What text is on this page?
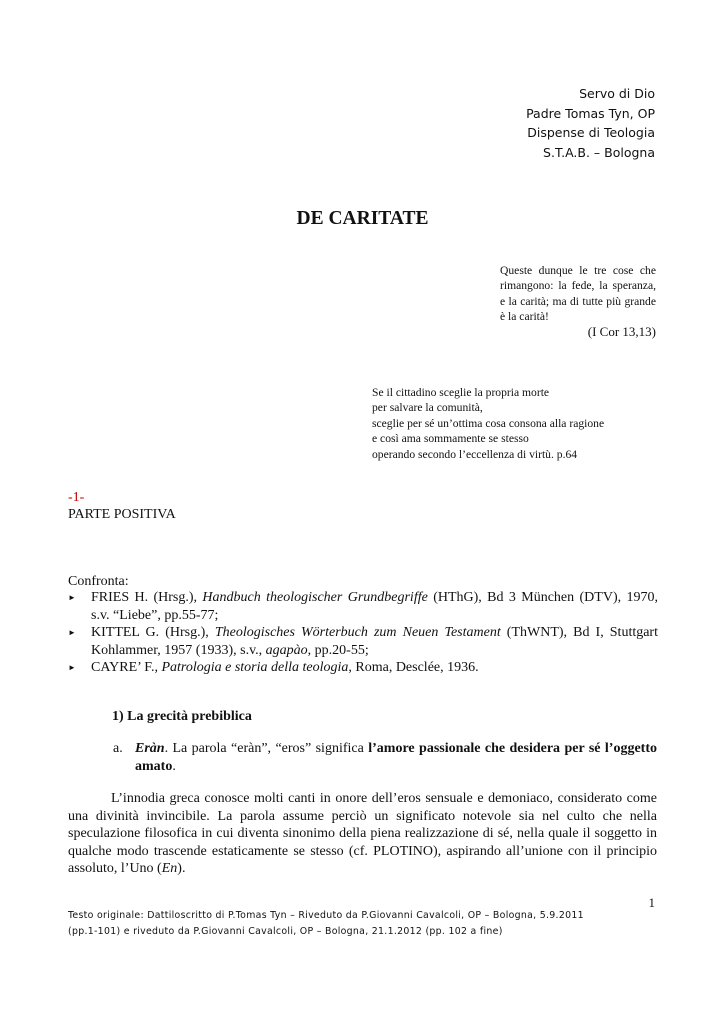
Servo di Dio
Padre Tomas Tyn, OP
Dispense di Teologia
S.T.A.B. – Bologna
DE CARITATE
Queste dunque le tre cose che rimangono: la fede, la speranza, e la carità; ma di tutte più grande è la carità!
(I Cor 13,13)
Se il cittadino sceglie la propria morte
per salvare la comunità,
sceglie per sé un’ottima cosa consona alla ragione
e così ama sommamente se stesso
operando secondo l’eccellenza di virtù. p.64
-1-
PARTE POSITIVA
Confronta:
► FRIES H. (Hrsg.), Handbuch theologischer Grundbegriffe (HThG), Bd 3 München (DTV), 1970, s.v. “Liebe”, pp.55-77;
► KITTEL G. (Hrsg.), Theologisches Wörterbuch zum Neuen Testament (ThWNT), Bd I, Stuttgart Kohlammer, 1957 (1933), s.v., agapào, pp.20-55;
► CAYRE’ F., Patrologia e storia della teologia, Roma, Desclée, 1936.
1) La grecità prebiblica
a. Eràn. La parola “eràn”, “eros” significa l’amore passionale che desidera per sé l’oggetto amato.
L’innodia greca conosce molti canti in onore dell’eros sensuale e demoniaco, considerato come una divinità invincibile. La parola assume perciò un significato notevole sia nel culto che nella speculazione filosofica in cui diventa sinonimo della piena realizzazione di sé, nella quale il soggetto in qualche modo trascende estaticamente se stesso (cf. PLOTINO), aspirando all’unione con il principio assoluto, l’Uno (En).
1
Testo originale: Dattiloscritto di P.Tomas Tyn – Riveduto da P.Giovanni Cavalcoli, OP – Bologna, 5.9.2011
(pp.1-101) e riveduto da P.Giovanni Cavalcoli, OP – Bologna, 21.1.2012 (pp. 102 a fine)
